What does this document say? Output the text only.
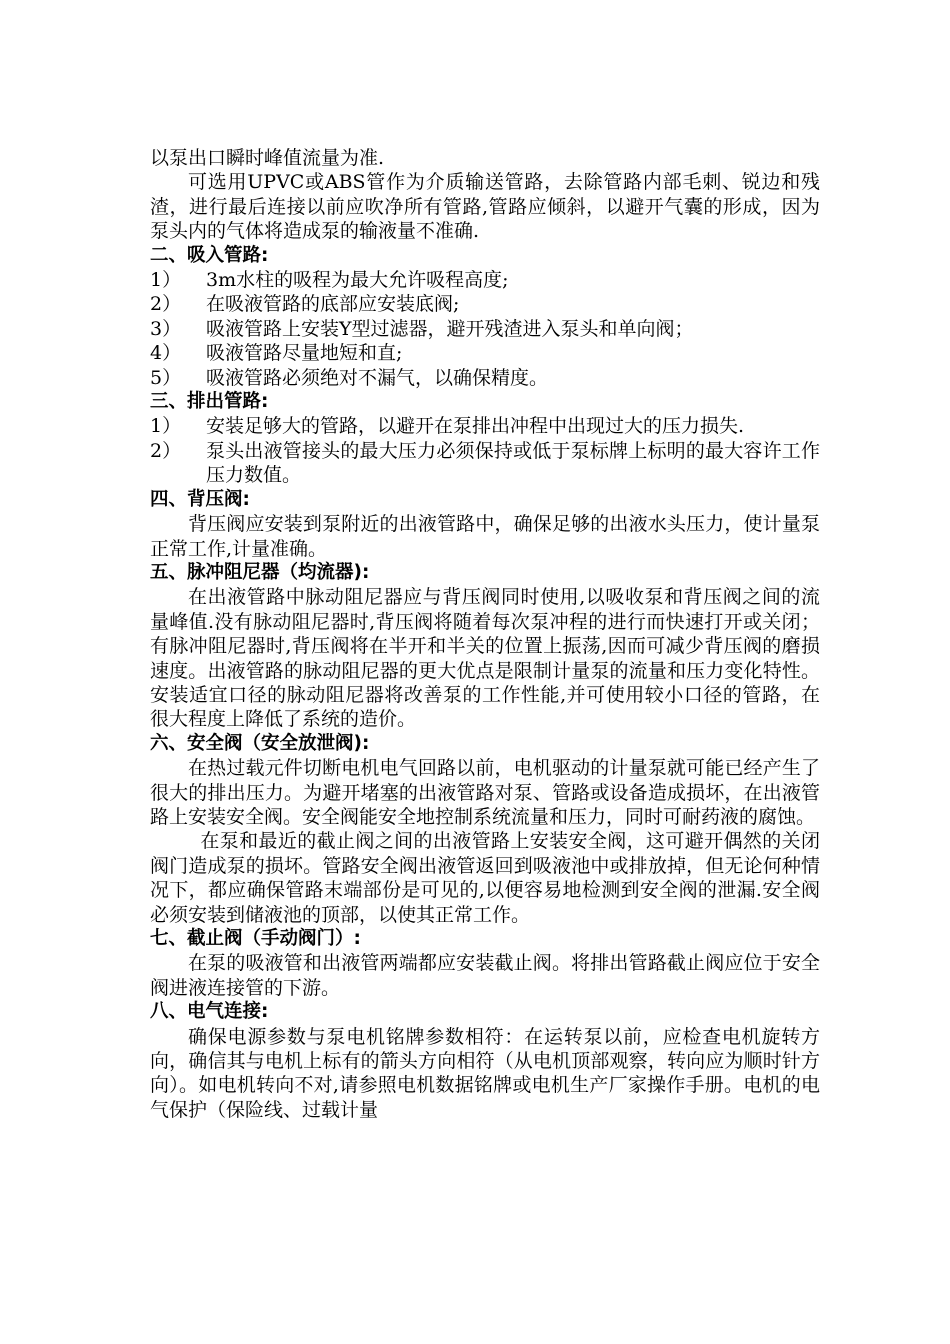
以泵出口瞬时峰值流量为准.

可选用UPVC或ABS管作为介质输送管路，去除管路内部毛刺、锐边和残渣，进行最后连接以前应吹净所有管路,管路应倾斜，以避开气囊的形成，因为泵头内的气体将造成泵的输液量不准确.

二、吸入管路:

1）	3m水柱的吸程为最大允许吸程高度;
2）	在吸液管路的底部应安装底阀;
3）	吸液管路上安装Y型过滤器，避开残渣进入泵头和单向阀；
4）	吸液管路尽量地短和直;
5）	吸液管路必须绝对不漏气，以确保精度。

三、排出管路:

1）	安装足够大的管路，以避开在泵排出冲程中出现过大的压力损失.
2）	泵头出液管接头的最大压力必须保持或低于泵标牌上标明的最大容许工作压力数值。

四、背压阀:

背压阀应安装到泵附近的出液管路中，确保足够的出液水头压力，使计量泵正常工作,计量准确。

五、脉冲阻尼器（均流器):

在出液管路中脉动阻尼器应与背压阀同时使用,以吸收泵和背压阀之间的流量峰值.没有脉动阻尼器时,背压阀将随着每次泵冲程的进行而快速打开或关闭；有脉冲阻尼器时,背压阀将在半开和半关的位置上振荡,因而可减少背压阀的磨损速度。出液管路的脉动阻尼器的更大优点是限制计量泵的流量和压力变化特性。安装适宜口径的脉动阻尼器将改善泵的工作性能,并可使用较小口径的管路，在很大程度上降低了系统的造价。

六、安全阀（安全放泄阀):

在热过载元件切断电机电气回路以前，电机驱动的计量泵就可能已经产生了很大的排出压力。为避开堵塞的出液管路对泵、管路或设备造成损坏，在出液管路上安装安全阀。安全阀能安全地控制系统流量和压力，同时可耐药液的腐蚀。

在泵和最近的截止阀之间的出液管路上安装安全阀，这可避开偶然的关闭阀门造成泵的损坏。管路安全阀出液管返回到吸液池中或排放掉，但无论何种情况下，都应确保管路末端部份是可见的,以便容易地检测到安全阀的泄漏.安全阀必须安装到储液池的顶部，以使其正常工作。

七、截止阀（手动阀门）:

在泵的吸液管和出液管两端都应安装截止阀。将排出管路截止阀应位于安全阀进液连接管的下游。

八、电气连接:

确保电源参数与泵电机铭牌参数相符：在运转泵以前，应检查电机旋转方向，确信其与电机上标有的箭头方向相符（从电机顶部观察，转向应为顺时针方向）。如电机转向不对,请参照电机数据铭牌或电机生产厂家操作手册。电机的电气保护（保险线、过载计量
